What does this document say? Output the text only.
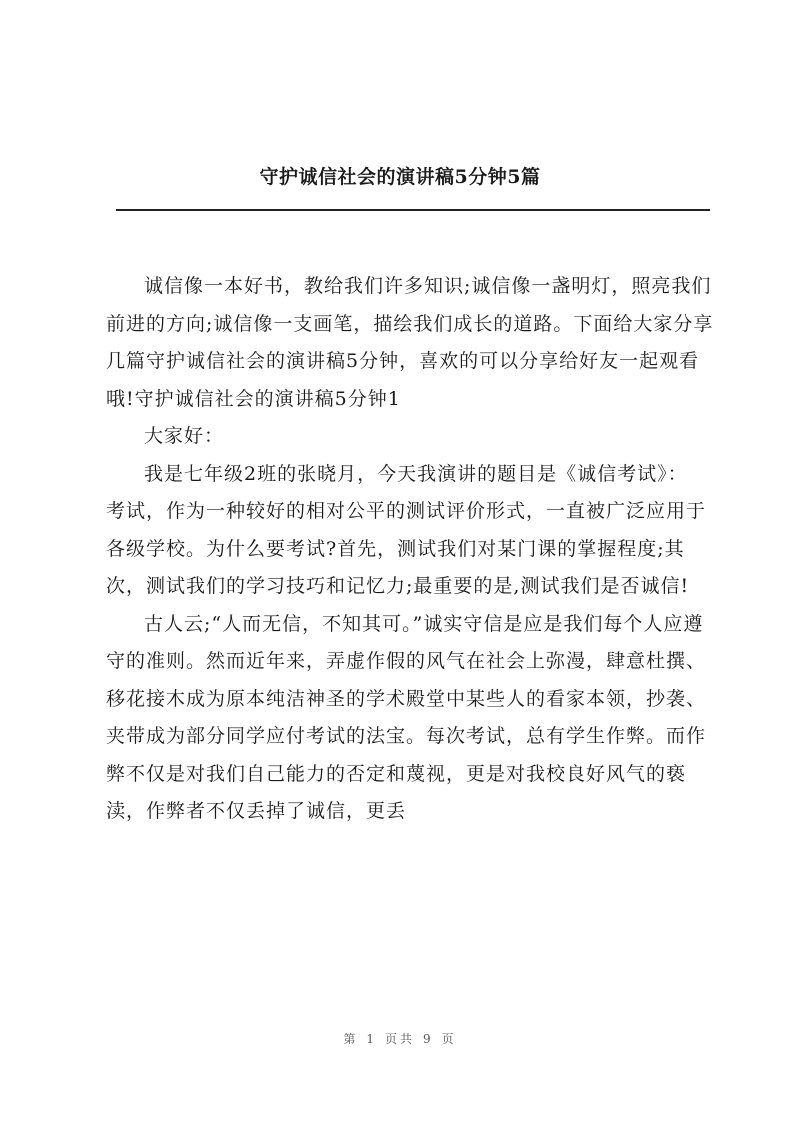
守护诚信社会的演讲稿5分钟5篇

诚信像一本好书，教给我们许多知识;诚信像一盏明灯，照亮我们前进的方向;诚信像一支画笔，描绘我们成长的道路。下面给大家分享几篇守护诚信社会的演讲稿5分钟，喜欢的可以分享给好友一起观看哦!守护诚信社会的演讲稿5分钟1

大家好：

我是七年级2班的张晓月，今天我演讲的题目是《诚信考试》：

考试，作为一种较好的相对公平的测试评价形式，一直被广泛应用于各级学校。为什么要考试?首先，测试我们对某门课的掌握程度;其次，测试我们的学习技巧和记忆力;最重要的是,测试我们是否诚信!

古人云;“人而无信，不知其可。”诚实守信是应是我们每个人应遵守的准则。然而近年来，弄虚作假的风气在社会上弥漫，肆意杜撰、移花接木成为原本纯洁神圣的学术殿堂中某些人的看家本领，抄袭、夹带成为部分同学应付考试的法宝。每次考试，总有学生作弊。而作弊不仅是对我们自己能力的否定和蔑视，更是对我校良好风气的亵渎，作弊者不仅丢掉了诚信，更丢

第 1 页共 9 页
